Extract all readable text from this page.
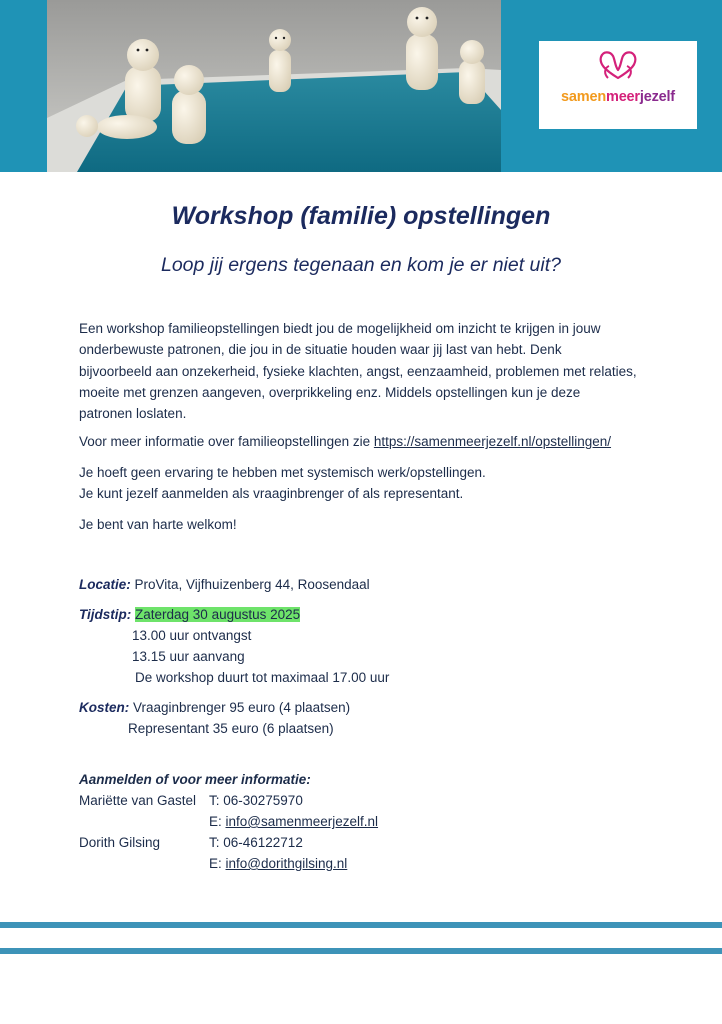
samenmeerjezelf
Workshop (familie) opstellingen
Loop jij ergens tegenaan en kom je er niet uit?
Een workshop familieopstellingen biedt jou de mogelijkheid om inzicht te krijgen in jouw
onderbewuste patronen, die jou in de situatie houden waar jij last van hebt. Denk
bijvoorbeeld aan onzekerheid, fysieke klachten, angst, eenzaamheid, problemen met relaties,
moeite met grenzen aangeven, overprikkeling enz. Middels opstellingen kun je deze
patronen loslaten.
Voor meer informatie over familieopstellingen zie https://samenmeerjezelf.nl/opstellingen/
Je hoeft geen ervaring te hebben met systemisch werk/opstellingen.
Je kunt jezelf aanmelden als vraaginbrenger of als representant.
Je bent van harte welkom!
Locatie: ProVita, Vijfhuizenberg 44, Roosendaal
Tijdstip: Zaterdag 30 augustus 2025
13.00 uur ontvangst
13.15 uur aanvang
De workshop duurt tot maximaal 17.00 uur
Kosten: Vraaginbrenger 95 euro (4 plaatsen)
Representant 35 euro (6 plaatsen)
Aanmelden of voor meer informatie:
Mariëtte van Gastel T: 06-30275970
E: info@samenmeerjezelf.nl
Dorith Gilsing	T: 06-46122712
E: info@dorithgilsing.nl
